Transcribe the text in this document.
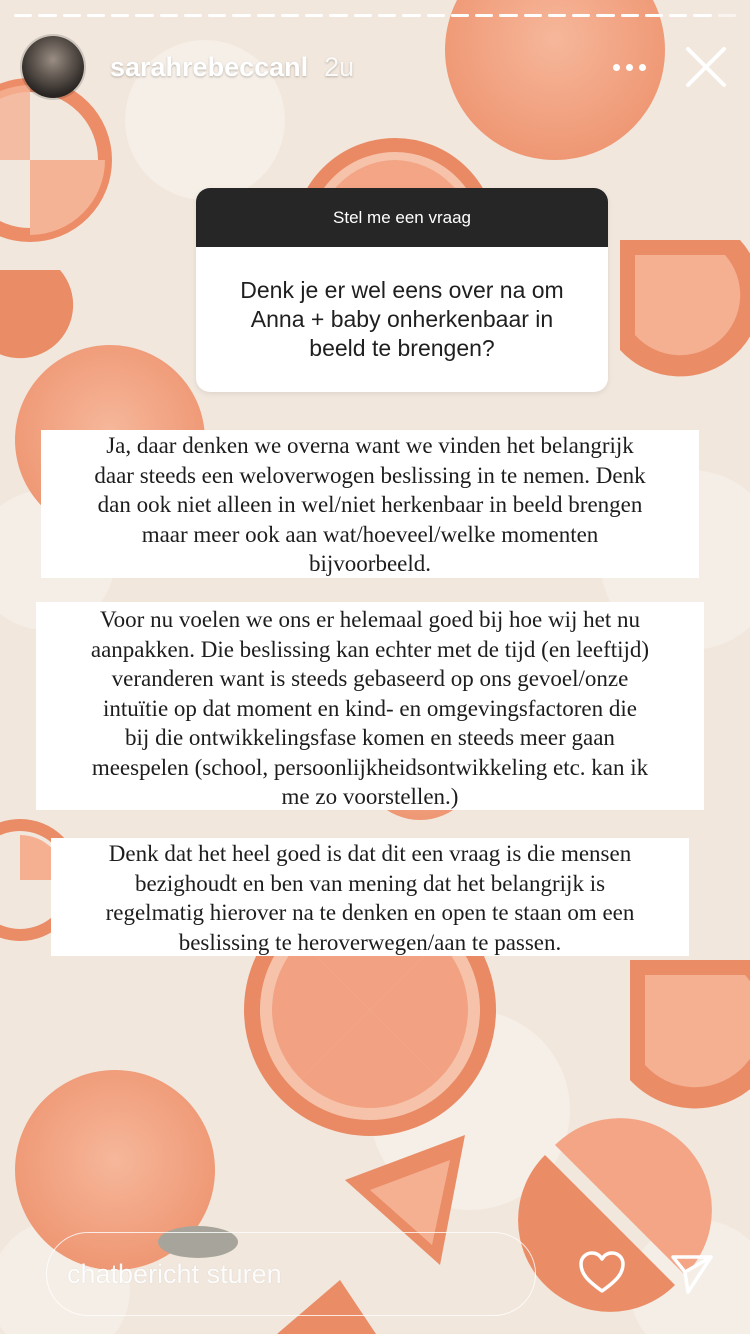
sarahrebeccanl 2u
Stel me een vraag
Denk je er wel eens over na om Anna + baby onherkenbaar in beeld te brengen?
Ja, daar denken we overna want we vinden het belangrijk
daar steeds een weloverwogen beslissing in te nemen. Denk
dan ook niet alleen in wel/niet herkenbaar in beeld brengen
maar meer ook aan wat/hoeveel/welke momenten
bijvoorbeeld.
Voor nu voelen we ons er helemaal goed bij hoe wij het nu
aanpakken. Die beslissing kan echter met de tijd (en leeftijd)
veranderen want is steeds gebaseerd op ons gevoel/onze
intuïtie op dat moment en kind- en omgevingsfactoren die
bij die ontwikkelingsfase komen en steeds meer gaan
meespelen (school, persoonlijkheidsontwikkeling etc. kan ik
me zo voorstellen.)
Denk dat het heel goed is dat dit een vraag is die mensen
bezighoudt en ben van mening dat het belangrijk is
regelmatig hierover na te denken en open te staan om een
beslissing te heroverwegen/aan te passen.
chatbericht sturen
